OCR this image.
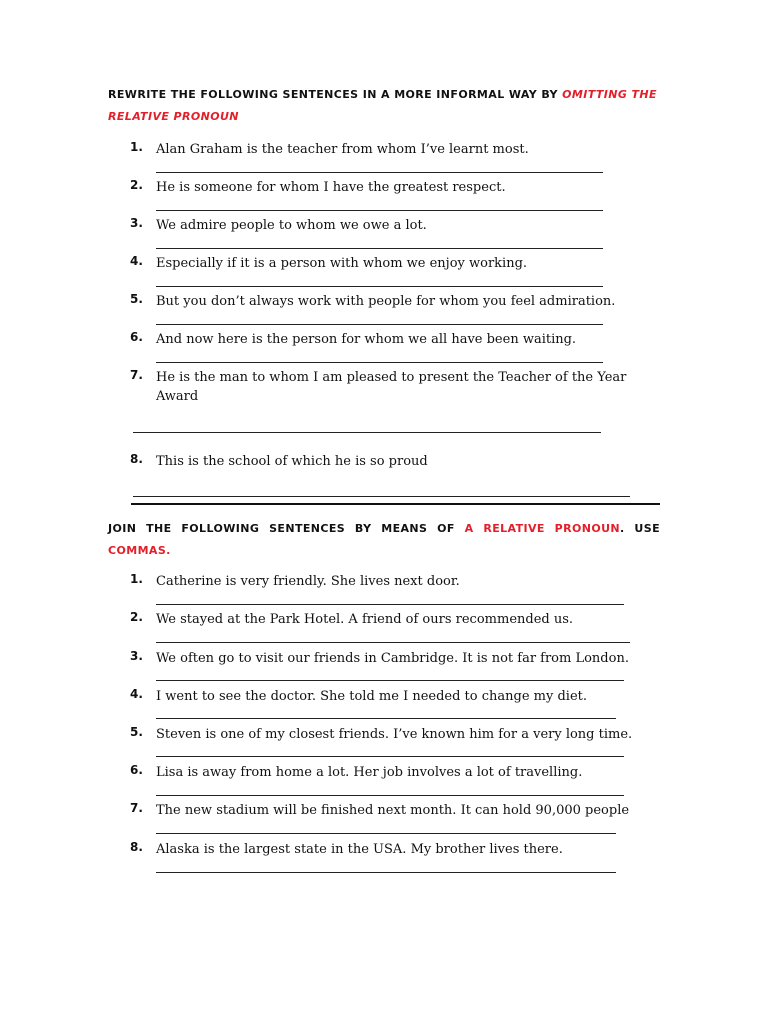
REWRITE THE FOLLOWING SENTENCES IN A MORE INFORMAL WAY BY OMITTING THE RELATIVE PRONOUN
1. Alan Graham is the teacher from whom I’ve learnt most.
2. He is someone for whom I have the greatest respect.
3. We admire people to whom we owe a lot.
4. Especially if it is a person with whom we enjoy working.
5. But you don’t always work with people for whom you feel admiration.
6. And now here is the person for whom we all have been waiting.
7. He is the man to whom I am pleased to present the Teacher of the Year Award
8. This is the school of which he is so proud
JOIN THE FOLLOWING SENTENCES BY MEANS OF A RELATIVE PRONOUN. USE COMMAS.
1. Catherine is very friendly. She lives next door.
2. We stayed at the Park Hotel. A friend of ours recommended us.
3. We often go to visit our friends in Cambridge. It is not far from London.
4. I went to see the doctor. She told me I needed to change my diet.
5. Steven is one of my closest friends. I’ve known him for a very long time.
6. Lisa is away from home a lot. Her job involves a lot of travelling.
7. The new stadium will be finished next month. It can hold 90,000 people
8. Alaska is the largest state in the USA. My brother lives there.
